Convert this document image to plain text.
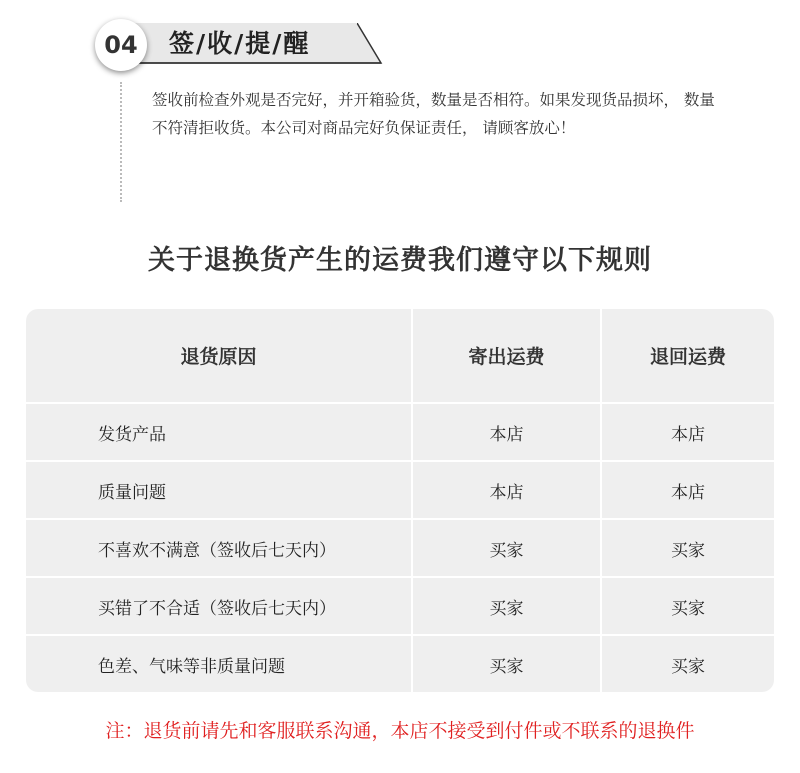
04	签/收/提/醒
签收前检查外观是否完好，并开箱验货，数量是否相符。如果发现货品损坏， 数量不符清拒收货。本公司对商品完好负保证责任， 请顾客放心！
关于退换货产生的运费我们遵守以下规则
退货原因	寄出运费	退回运费
发货产品	本店	本店
质量问题	本店	本店
不喜欢不满意（签收后七天内）	买家	买家
买错了不合适（签收后七天内）	买家	买家
色差、气味等非质量问题	买家	买家
注：退货前请先和客服联系沟通，本店不接受到付件或不联系的退换件
